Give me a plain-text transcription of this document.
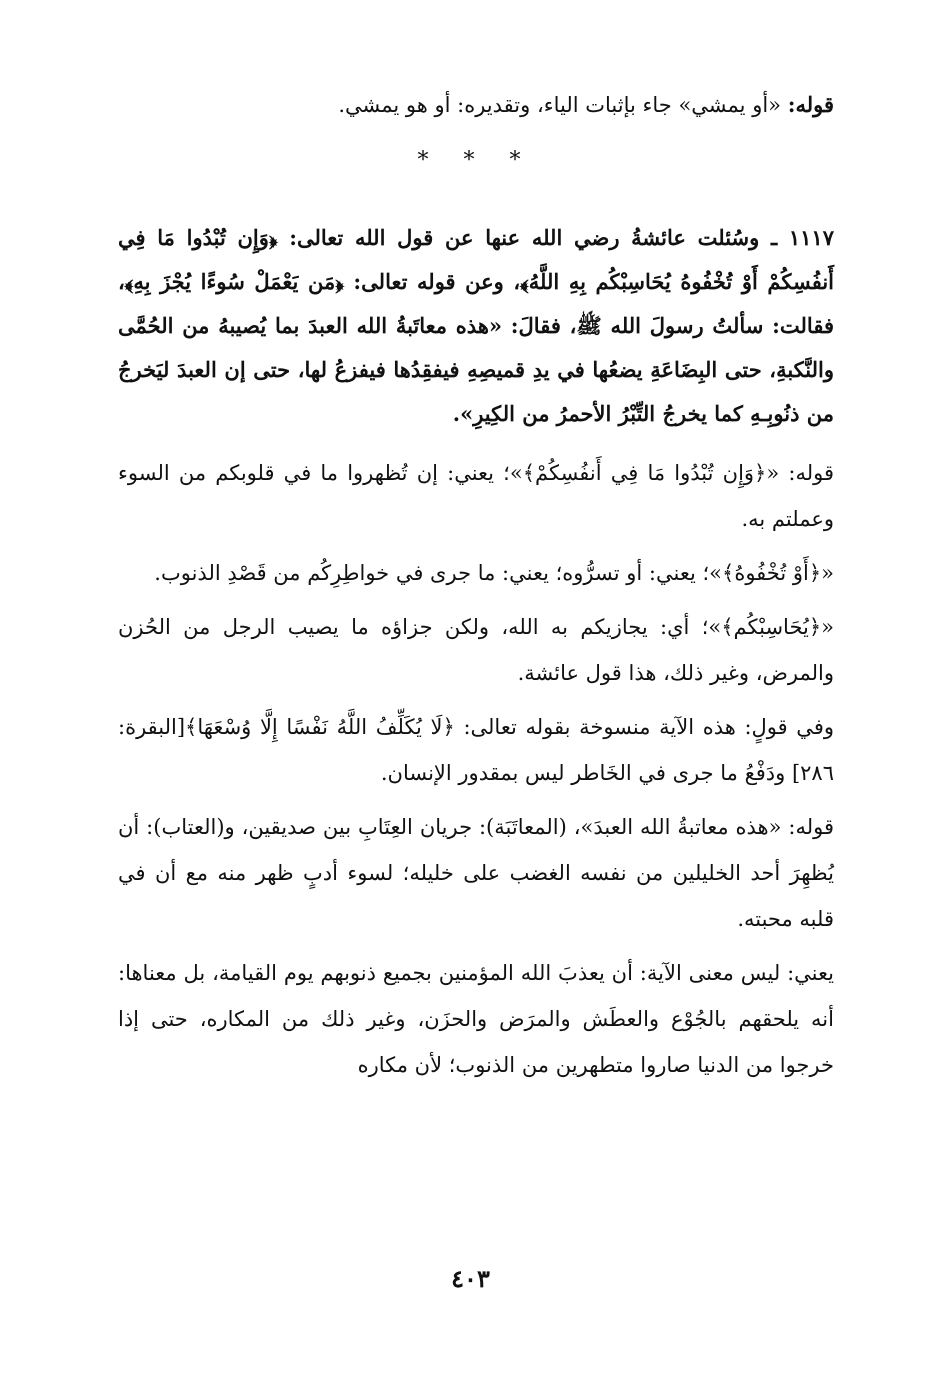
قوله: «أو يمشي» جاء بإثبات الياء، وتقديره: أو هو يمشي.

* * *

١١١٧ ـ وسُئلت عائشةُ رضي الله عنها عن قول الله تعالى: ﴿وَإِن تُبْدُوا مَا فِي أَنفُسِكُمْ أَوْ تُخْفُوهُ يُحَاسِبْكُم بِهِ اللَّهُ﴾، وعن قوله تعالى: ﴿مَن يَعْمَلْ سُوءًا يُجْزَ بِهِ﴾، فقالت: سألتُ رسولَ الله ﷺ، فقالَ: «هذه معاتَبةُ الله العبدَ بما يُصيبهُ من الحُمَّى والنَّكبةِ، حتى البِضَاعَةِ يضعُها في يدِ قميصِهِ فيفقِدُها فيفزعُ لها، حتى إن العبدَ ليَخرجُ من ذنُوبِـهِ كما يخرجُ التِّبْرُ الأحمرُ من الكِيرِ».

قوله: «﴿وَإِن تُبْدُوا مَا فِي أَنفُسِكُمْ﴾»؛ يعني: إن تُظهروا ما في قلوبكم من السوء وعملتم به.

«﴿أَوْ تُخْفُوهُ﴾»؛ يعني: أو تسرُّوه؛ يعني: ما جرى في خواطِرِكُم من قَصْدِ الذنوب.

«﴿يُحَاسِبْكُم﴾»؛ أي: يجازيكم به الله، ولكن جزاؤه ما يصيب الرجل من الحُزن والمرض، وغير ذلك، هذا قول عائشة.

وفي قولٍ: هذه الآية منسوخة بقوله تعالى: ﴿لَا يُكَلِّفُ اللَّهُ نَفْسًا إِلَّا وُسْعَهَا﴾[البقرة: ٢٨٦] ودَفْعُ ما جرى في الخَاطر ليس بمقدور الإنسان.

قوله: «هذه معاتبةُ الله العبدَ»، (المعاتَبَة): جريان العِتَابِ بين صديقين، و(العتاب): أن يُظهِرَ أحد الخليلين من نفسه الغضب على خليله؛ لسوء أدبٍ ظهر منه مع أن في قلبه محبته.

يعني: ليس معنى الآية: أن يعذبَ الله المؤمنين بجميع ذنوبهم يوم القيامة، بل معناها: أنه يلحقهم بالجُوْع والعطَش والمرَض والحزَن، وغير ذلك من المكاره، حتى إذا خرجوا من الدنيا صاروا متطهرين من الذنوب؛ لأن مكاره

٤٠٣
